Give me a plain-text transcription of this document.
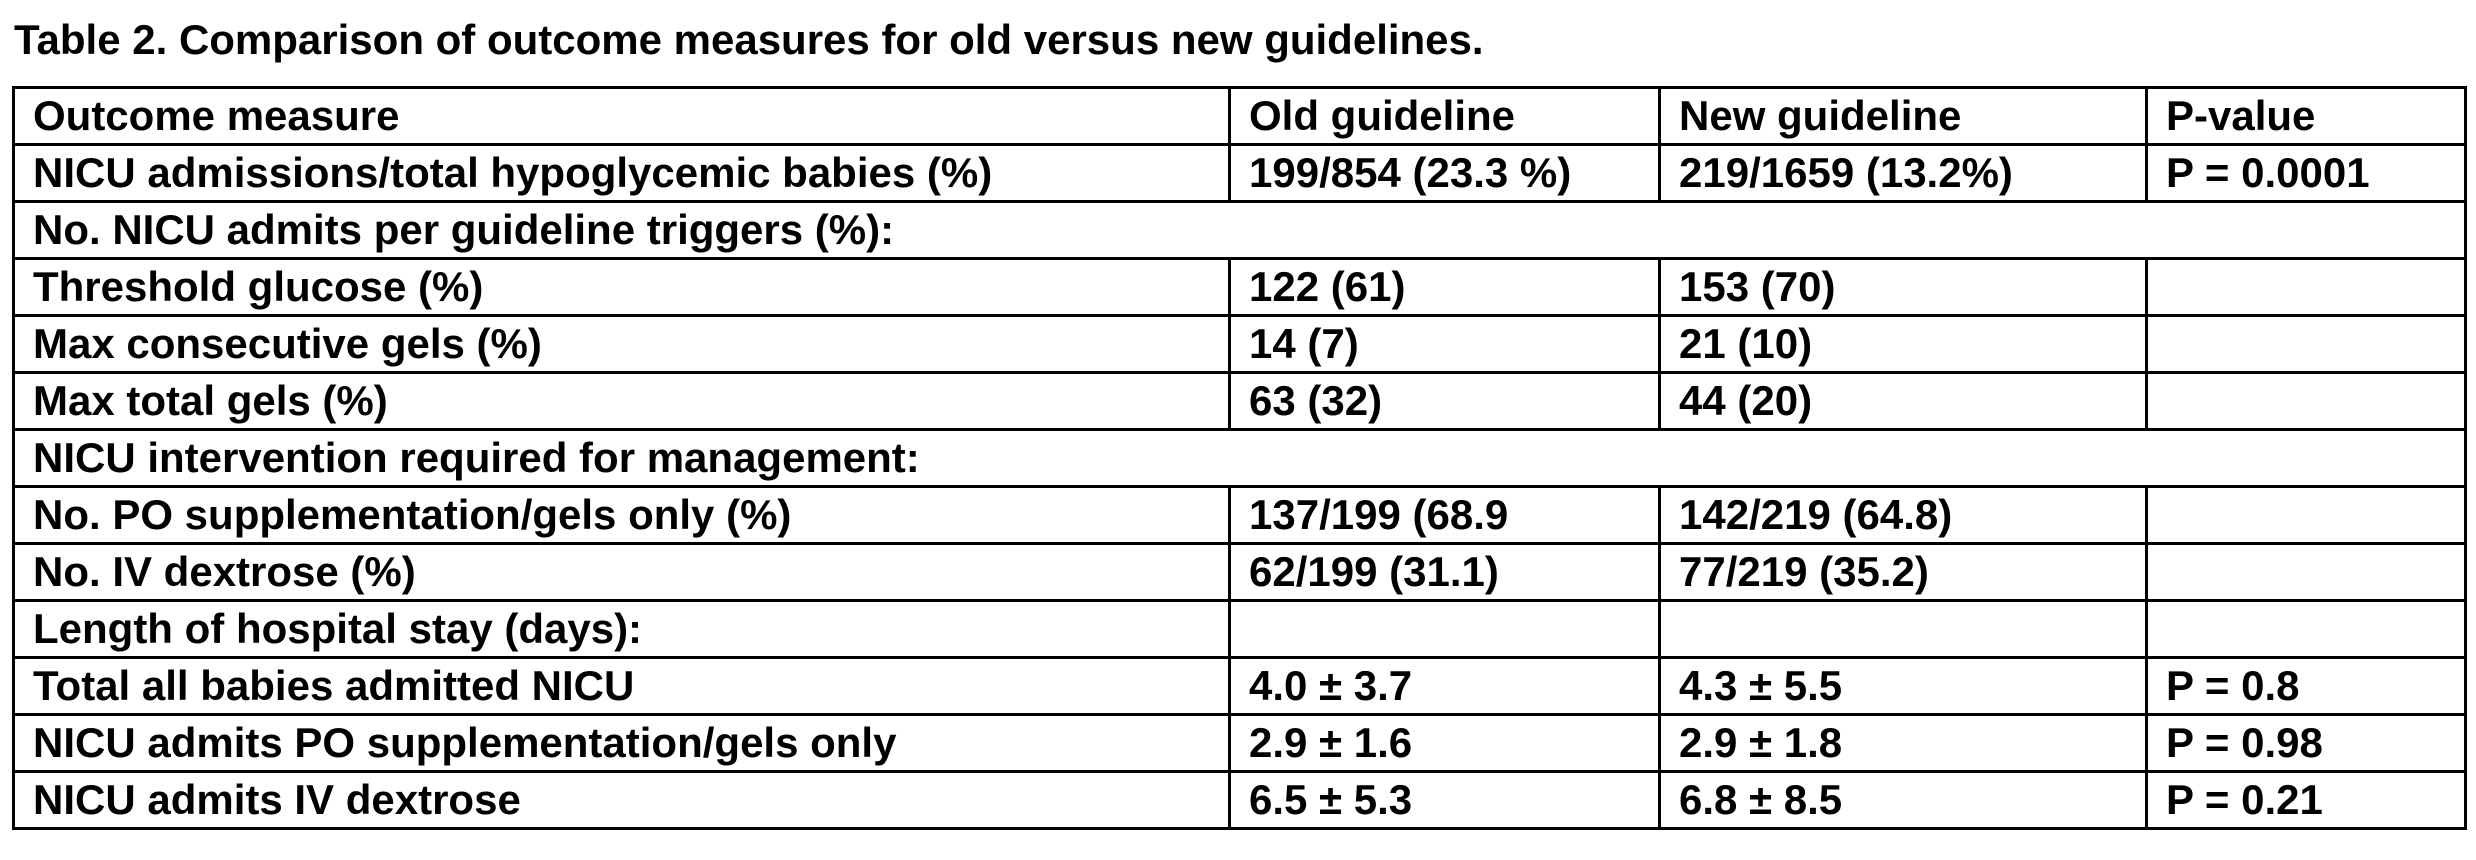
Table 2. Comparison of outcome measures for old versus new guidelines.
Outcome measure	Old guideline	New guideline	P-value
NICU admissions/total hypoglycemic babies (%)	199/854 (23.3 %)	219/1659 (13.2%)	P = 0.0001
No. NICU admits per guideline triggers (%):			
Threshold glucose (%)	122 (61)	153 (70)	
Max consecutive gels (%)	14 (7)	21 (10)	
Max total gels (%)	63 (32)	44 (20)	
NICU intervention required for management:			
No. PO supplementation/gels only (%)	137/199 (68.9	142/219 (64.8)	
No. IV dextrose (%)	62/199 (31.1)	77/219 (35.2)	
Length of hospital stay (days):			
Total all babies admitted NICU	4.0 ± 3.7	4.3 ± 5.5	P = 0.8
NICU admits PO supplementation/gels only	2.9 ± 1.6	2.9 ± 1.8	P = 0.98
NICU admits IV dextrose	6.5 ± 5.3	6.8 ± 8.5	P = 0.21
